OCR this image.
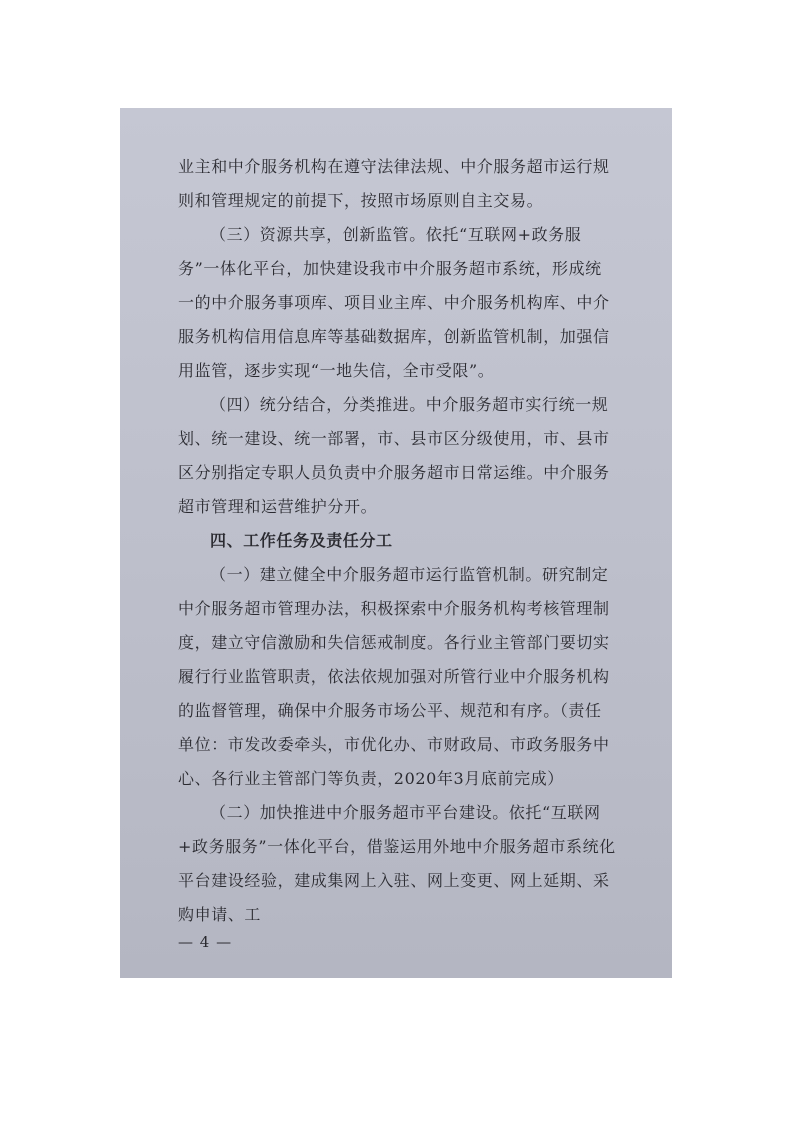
业主和中介服务机构在遵守法律法规、中介服务超市运行规则和管理规定的前提下，按照市场原则自主交易。

（三）资源共享，创新监管。依托“互联网+政务服务”一体化平台，加快建设我市中介服务超市系统，形成统一的中介服务事项库、项目业主库、中介服务机构库、中介服务机构信用信息库等基础数据库，创新监管机制，加强信用监管，逐步实现“一地失信，全市受限”。

（四）统分结合，分类推进。中介服务超市实行统一规划、统一建设、统一部署，市、县市区分级使用，市、县市区分别指定专职人员负责中介服务超市日常运维。中介服务超市管理和运营维护分开。

四、工作任务及责任分工

（一）建立健全中介服务超市运行监管机制。研究制定中介服务超市管理办法，积极探索中介服务机构考核管理制度，建立守信激励和失信惩戒制度。各行业主管部门要切实履行行业监管职责，依法依规加强对所管行业中介服务机构的监督管理，确保中介服务市场公平、规范和有序。（责任单位：市发改委牵头，市优化办、市财政局、市政务服务中心、各行业主管部门等负责，2020年3月底前完成）

（二）加快推进中介服务超市平台建设。依托“互联网+政务服务”一体化平台，借鉴运用外地中介服务超市系统化平台建设经验，建成集网上入驻、网上变更、网上延期、采购申请、工

— 4 —
